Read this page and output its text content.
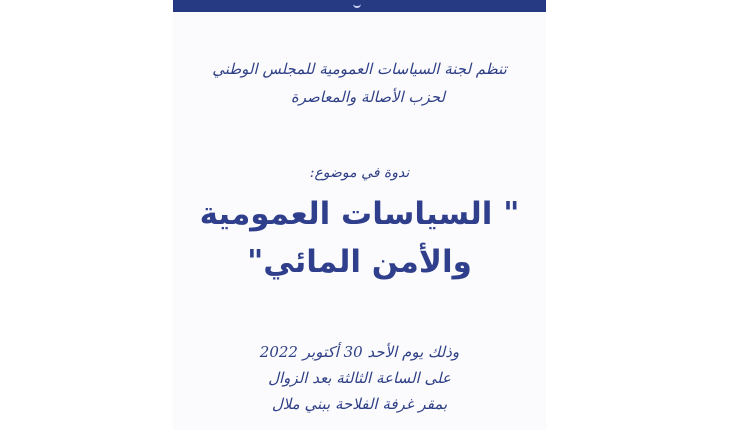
تنظم لجنة السياسات العمومية للمجلس الوطني
لحزب الأصالة والمعاصرة
ندوة في موضوع:
" السياسات العمومية
والأمن المائي"
وذلك يوم الأحد 30 أكتوبر 2022
على الساعة الثالثة بعد الزوال
بمقر غرفة الفلاحة ببني ملال
